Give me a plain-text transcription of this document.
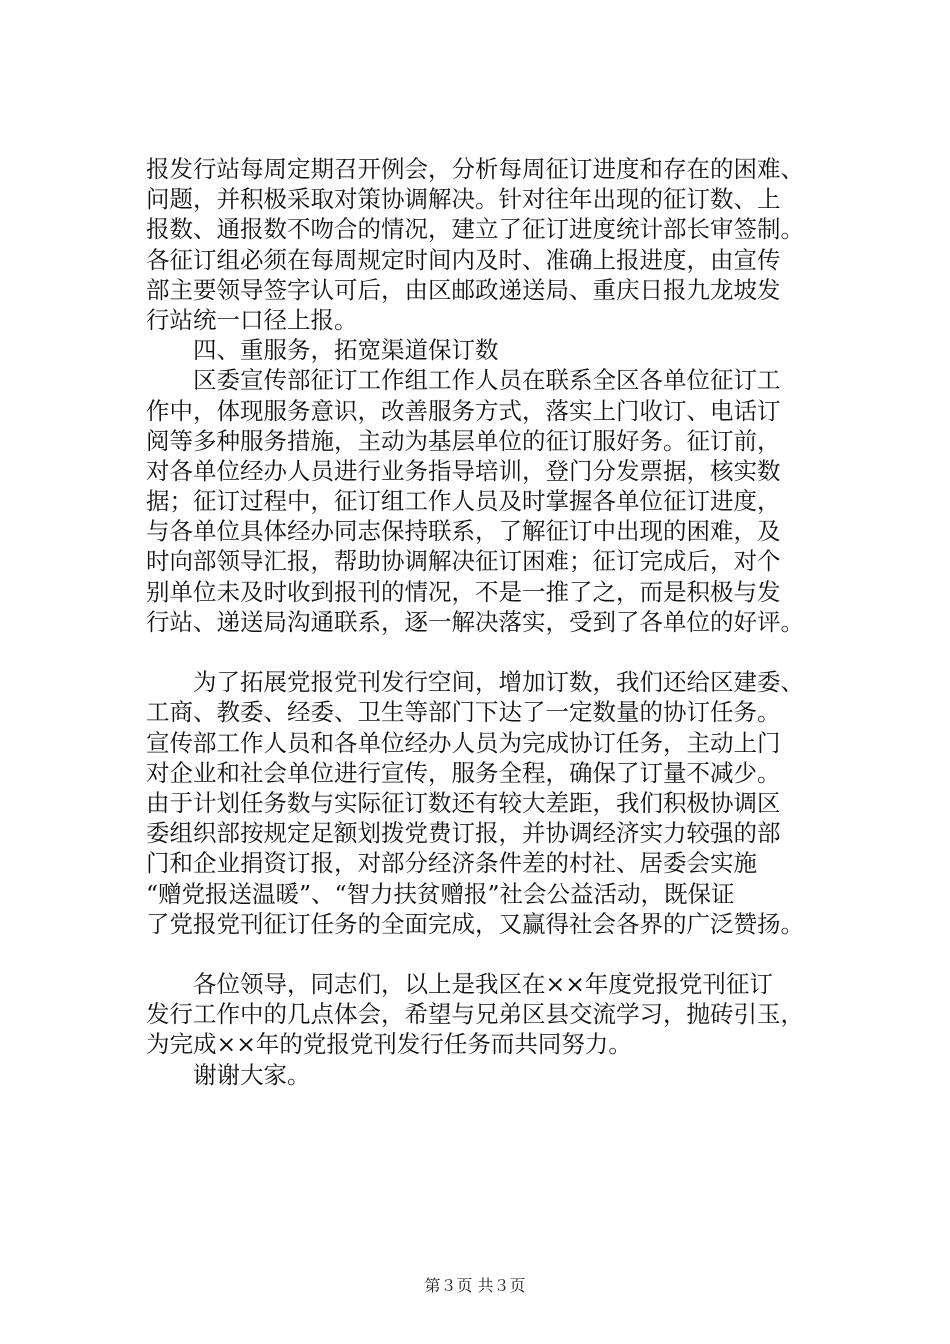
报发行站每周定期召开例会，分析每周征订进度和存在的困难、
问题，并积极采取对策协调解决。针对往年出现的征订数、上
报数、通报数不吻合的情况，建立了征订进度统计部长审签制。
各征订组必须在每周规定时间内及时、准确上报进度，由宣传
部主要领导签字认可后，由区邮政递送局、重庆日报九龙坡发
行站统一口径上报。
　　四、重服务，拓宽渠道保订数
　　区委宣传部征订工作组工作人员在联系全区各单位征订工
作中，体现服务意识，改善服务方式，落实上门收订、电话订
阅等多种服务措施，主动为基层单位的征订服好务。征订前，
对各单位经办人员进行业务指导培训，登门分发票据，核实数
据；征订过程中，征订组工作人员及时掌握各单位征订进度，
与各单位具体经办同志保持联系，了解征订中出现的困难，及
时向部领导汇报，帮助协调解决征订困难；征订完成后，对个
别单位未及时收到报刊的情况，不是一推了之，而是积极与发
行站、递送局沟通联系，逐一解决落实，受到了各单位的好评。
　　为了拓展党报党刊发行空间，增加订数，我们还给区建委、
工商、教委、经委、卫生等部门下达了一定数量的协订任务。
宣传部工作人员和各单位经办人员为完成协订任务，主动上门
对企业和社会单位进行宣传，服务全程，确保了订量不减少。
由于计划任务数与实际征订数还有较大差距，我们积极协调区
委组织部按规定足额划拨党费订报，并协调经济实力较强的部
门和企业捐资订报，对部分经济条件差的村社、居委会实施
“赠党报送温暖”、“智力扶贫赠报”社会公益活动，既保证
了党报党刊征订任务的全面完成，又赢得社会各界的广泛赞扬。
　　各位领导，同志们，以上是我区在××年度党报党刊征订
发行工作中的几点体会，希望与兄弟区县交流学习，抛砖引玉，
为完成××年的党报党刊发行任务而共同努力。
　　谢谢大家。
第３页 共３页
